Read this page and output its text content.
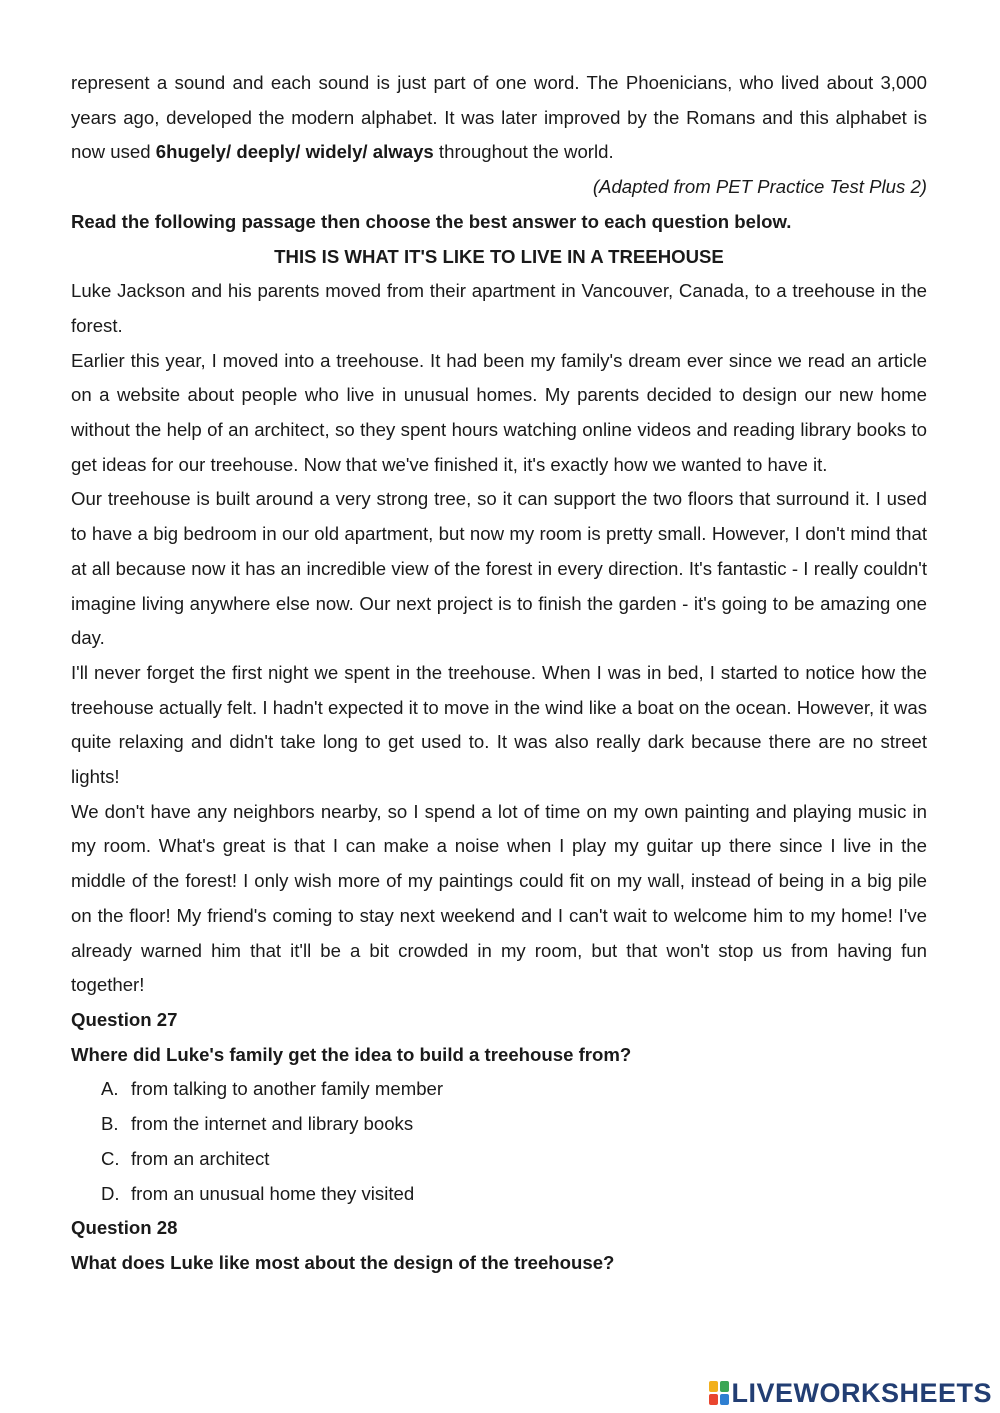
represent a sound and each sound is just part of one word. The Phoenicians, who lived about 3,000 years ago, developed the modern alphabet. It was later improved by the Romans and this alphabet is now used 6hugely/ deeply/ widely/ always throughout the world.

(Adapted from PET Practice Test Plus 2)

Read the following passage then choose the best answer to each question below.

THIS IS WHAT IT'S LIKE TO LIVE IN A TREEHOUSE

Luke Jackson and his parents moved from their apartment in Vancouver, Canada, to a treehouse in the forest.

Earlier this year, I moved into a treehouse. It had been my family's dream ever since we read an article on a website about people who live in unusual homes. My parents decided to design our new home without the help of an architect, so they spent hours watching online videos and reading library books to get ideas for our treehouse. Now that we've finished it, it's exactly how we wanted to have it.

Our treehouse is built around a very strong tree, so it can support the two floors that surround it. I used to have a big bedroom in our old apartment, but now my room is pretty small. However, I don't mind that at all because now it has an incredible view of the forest in every direction. It's fantastic - I really couldn't imagine living anywhere else now. Our next project is to finish the garden - it's going to be amazing one day.

I'll never forget the first night we spent in the treehouse. When I was in bed, I started to notice how the treehouse actually felt. I hadn't expected it to move in the wind like a boat on the ocean. However, it was quite relaxing and didn't take long to get used to. It was also really dark because there are no street lights!

We don't have any neighbors nearby, so I spend a lot of time on my own painting and playing music in my room. What's great is that I can make a noise when I play my guitar up there since I live in the middle of the forest! I only wish more of my paintings could fit on my wall, instead of being in a big pile on the floor! My friend's coming to stay next weekend and I can't wait to welcome him to my home! I've already warned him that it'll be a bit crowded in my room, but that won't stop us from having fun together!

Question 27

Where did Luke's family get the idea to build a treehouse from?

A. from talking to another family member
B. from the internet and library books
C. from an architect
D. from an unusual home they visited

Question 28

What does Luke like most about the design of the treehouse?

LIVEWORKSHEETS
